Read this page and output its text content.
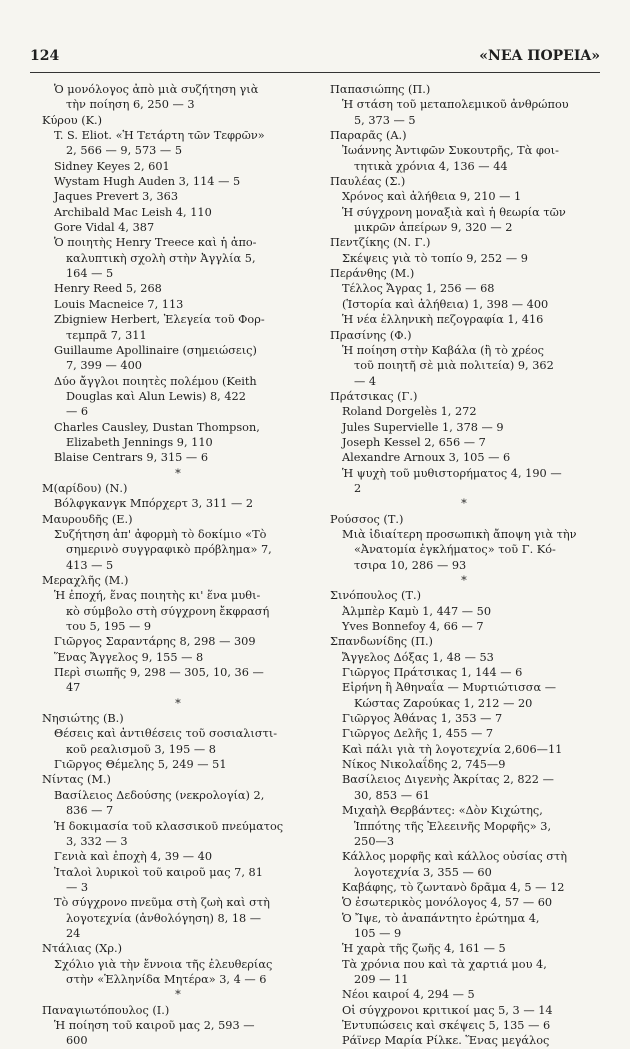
124	«ΝΕΑ ΠΟΡΕΙΑ»
Ὁ μονόλογος ἀπὸ μιὰ συζήτηση γιὰ
τὴν ποίηση 6, 250 — 3
Κύρου (Κ.)
T. S. Eliot. «Ἡ Τετάρτη τῶν Τεφρῶν»
2, 566 — 9, 573 — 5
Sidney Keyes 2, 601
Wystam Hugh Auden 3, 114 — 5
Jaques Prevert 3, 363
Archibald Mac Leish 4, 110
Gore Vidal 4, 387
Ὁ ποιητὴς Henry Treece καὶ ἡ ἀπο-
καλυπτικὴ σχολὴ στὴν Ἀγγλία 5,
164 — 5
Henry Reed 5, 268
Louis Macneice 7, 113
Zbigniew Herbert, Ἐλεγεία τοῦ Φορ-
τεμπρᾶ 7, 311
Guillaume Apollinaire (σημειώσεις)
7, 399 — 400
Δύο ἄγγλοι ποιητὲς πολέμου (Keith
Douglas καὶ Alun Lewis) 8, 422
— 6
Charles Causley, Dustan Thompson,
Elizabeth Jennings 9, 110
Blaise Centrars 9, 315 — 6
*
Μ(αρίδου) (Ν.)
Βόλφγκανγκ Μπόρχερτ 3, 311 — 2
Μαυρουδῆς (Ε.)
Συζήτηση ἀπ' ἀφορμὴ τὸ δοκίμιο «Τὸ
σημερινὸ συγγραφικὸ πρόβλημα» 7,
413 — 5
Μεραχλῆς (Μ.)
Ἡ ἐποχή, ἕνας ποιητὴς κι' ἕνα μυθι-
κὸ σύμβολο στὴ σύγχρονη ἔκφρασή
του 5, 195 — 9
Γιῶργος Σαραντάρης 8, 298 — 309
Ἕνας Ἄγγελος 9, 155 — 8
Περὶ σιωπῆς 9, 298 — 305, 10, 36 —
47
*
Νησιώτης (Β.)
Θέσεις καὶ ἀντιθέσεις τοῦ σοσιαλιστι-
κοῦ ρεαλισμοῦ 3, 195 — 8
Γιῶργος Θέμελης 5, 249 — 51
Νίντας (Μ.)
Βασίλειος Δεδούσης (νεκρολογία) 2,
836 — 7
Ἡ δοκιμασία τοῦ κλασσικοῦ πνεύματος
3, 332 — 3
Γενιὰ καὶ ἐποχὴ 4, 39 — 40
Ἰταλοὶ λυρικοὶ τοῦ καιροῦ μας 7, 81
— 3
Τὸ σύγχρονο πνεῦμα στὴ ζωὴ καὶ στὴ
λογοτεχνία (ἀνθολόγηση) 8, 18 —
24
Ντάλιας (Χρ.)
Σχόλιο γιὰ τὴν ἔννοια τῆς ἐλευθερίας
στὴν «Ἑλληνίδα Μητέρα» 3, 4 — 6
*
Παναγιωτόπουλος (Ι.)
Ἡ ποίηση τοῦ καιροῦ μας 2, 593 —
600
Παπασιώπης (Π.)
Ἡ στάση τοῦ μεταπολεμικοῦ ἀνθρώπου
5, 373 — 5
Παραρᾶς (Α.)
Ἰωάννης Ἀντιφῶν Συκουτρῆς, Τὰ φοι-
τητικὰ χρόνια 4, 136 — 44
Παυλέας (Σ.)
Χρόνος καὶ ἀλήθεια 9, 210 — 1
Ἡ σύγχρονη μοναξιὰ καὶ ἡ θεωρία τῶν
μικρῶν ἀπείρων 9, 320 — 2
Πεντζίκης (Ν. Γ.)
Σκέψεις γιὰ τὸ τοπίο 9, 252 — 9
Περάνθης (Μ.)
Τέλλος Ἄγρας 1, 256 — 68
(Ἱστορία καὶ ἀλήθεια) 1, 398 — 400
Ἡ νέα ἑλληνικὴ πεζογραφία 1, 416
Πρασίνης (Φ.)
Ἡ ποίηση στὴν Καβάλα (ἢ τὸ χρέος
τοῦ ποιητῆ σὲ μιὰ πολιτεία) 9, 362
— 4
Πράτσικας (Γ.)
Roland Dorgelès 1, 272
Jules Supervielle 1, 378 — 9
Joseph Kessel 2, 656 — 7
Alexandre Arnoux 3, 105 — 6
Ἡ ψυχὴ τοῦ μυθιστορήματος 4, 190 —
2
*
Ρούσσος (Τ.)
Μιὰ ἰδιαίτερη προσωπικὴ ἄποψη γιὰ τὴν
«Ἀνατομία ἐγκλήματος» τοῦ Γ. Κό-
τσιρα 10, 286 — 93
*
Σινόπουλος (Τ.)
Ἀλμπὲρ Καμὺ 1, 447 — 50
Yves Bonnefoy 4, 66 — 7
Σπανδωνίδης (Π.)
Ἄγγελος Δόξας 1, 48 — 53
Γιῶργος Πράτσικας 1, 144 — 6
Εἰρήνη ἢ Ἀθηναΐα — Μυρτιώτισσα —
Κώστας Ζαρούκας 1, 212 — 20
Γιῶργος Ἀθάνας 1, 353 — 7
Γιῶργος Δελῆς 1, 455 — 7
Καὶ πάλι γιὰ τὴ λογοτεχνία 2,606—11
Νίκος Νικολαΐδης 2, 745—9
Βασίλειος Διγενὴς Ἀκρίτας 2, 822 —
30, 853 — 61
Μιχαὴλ Θερβάντες: «Δὸν Κιχώτης,
Ἱππότης τῆς Ἐλεεινῆς Μορφῆς» 3,
250—3
Κάλλος μορφῆς καὶ κάλλος οὐσίας στὴ
λογοτεχνία 3, 355 — 60
Καβάφης, τὸ ζωντανὸ δρᾶμα 4, 5 — 12
Ὁ ἐσωτερικὸς μονόλογος 4, 57 — 60
Ὁ Ἴψε, τὸ ἀναπάντητο ἐρώτημα 4,
105 — 9
Ἡ χαρὰ τῆς ζωῆς 4, 161 — 5
Τὰ χρόνια που καὶ τὰ χαρτιά μου 4,
209 — 11
Νέοι καιροί 4, 294 — 5
Οἱ σύγχρονοι κριτικοί μας 5, 3 — 14
Ἐντυπώσεις καὶ σκέψεις 5, 135 — 6
Ράϊνερ Μαρία Ρίλκε. Ἕνας μεγάλος
